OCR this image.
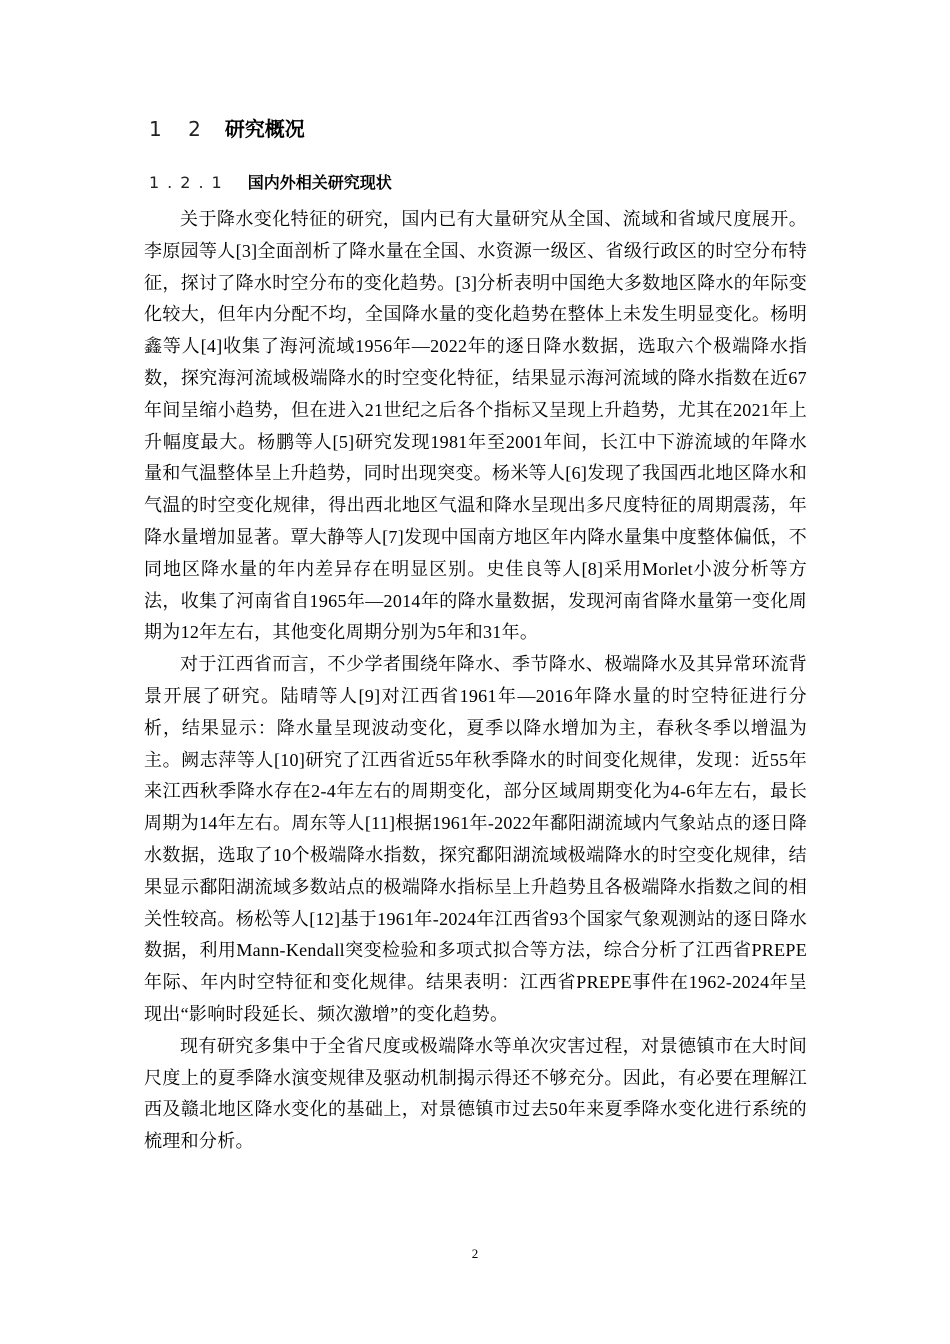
1 2 研究概况
1.2.1 国内外相关研究现状

关于降水变化特征的研究，国内已有大量研究从全国、流域和省域尺度展开。李原园等人[3]全面剖析了降水量在全国、水资源一级区、省级行政区的时空分布特征，探讨了降水时空分布的变化趋势。[3]分析表明中国绝大多数地区降水的年际变化较大，但年内分配不均，全国降水量的变化趋势在整体上未发生明显变化。杨明鑫等人[4]收集了海河流域1956年—2022年的逐日降水数据，选取六个极端降水指数，探究海河流域极端降水的时空变化特征，结果显示海河流域的降水指数在近67年间呈缩小趋势，但在进入21世纪之后各个指标又呈现上升趋势，尤其在2021年上升幅度最大。杨鹏等人[5]研究发现1981年至2001年间，长江中下游流域的年降水量和气温整体呈上升趋势，同时出现突变。杨米等人[6]发现了我国西北地区降水和气温的时空变化规律，得出西北地区气温和降水呈现出多尺度特征的周期震荡，年降水量增加显著。覃大静等人[7]发现中国南方地区年内降水量集中度整体偏低，不同地区降水量的年内差异存在明显区别。史佳良等人[8]采用Morlet小波分析等方法，收集了河南省自1965年—2014年的降水量数据，发现河南省降水量第一变化周期为12年左右，其他变化周期分别为5年和31年。

对于江西省而言，不少学者围绕年降水、季节降水、极端降水及其异常环流背景开展了研究。陆晴等人[9]对江西省1961年—2016年降水量的时空特征进行分析，结果显示：降水量呈现波动变化，夏季以降水增加为主，春秋冬季以增温为主。阙志萍等人[10]研究了江西省近55年秋季降水的时间变化规律，发现：近55年来江西秋季降水存在2-4年左右的周期变化，部分区域周期变化为4-6年左右，最长周期为14年左右。周东等人[11]根据1961年-2022年鄱阳湖流域内气象站点的逐日降水数据，选取了10个极端降水指数，探究鄱阳湖流域极端降水的时空变化规律，结果显示鄱阳湖流域多数站点的极端降水指标呈上升趋势且各极端降水指数之间的相关性较高。杨松等人[12]基于1961年-2024年江西省93个国家气象观测站的逐日降水数据，利用Mann-Kendall突变检验和多项式拟合等方法，综合分析了江西省PREPE年际、年内时空特征和变化规律。结果表明：江西省PREPE事件在1962-2024年呈现出“影响时段延长、频次激增”的变化趋势。

现有研究多集中于全省尺度或极端降水等单次灾害过程，对景德镇市在大时间尺度上的夏季降水演变规律及驱动机制揭示得还不够充分。因此，有必要在理解江西及赣北地区降水变化的基础上，对景德镇市过去50年来夏季降水变化进行系统的梳理和分析。

2
